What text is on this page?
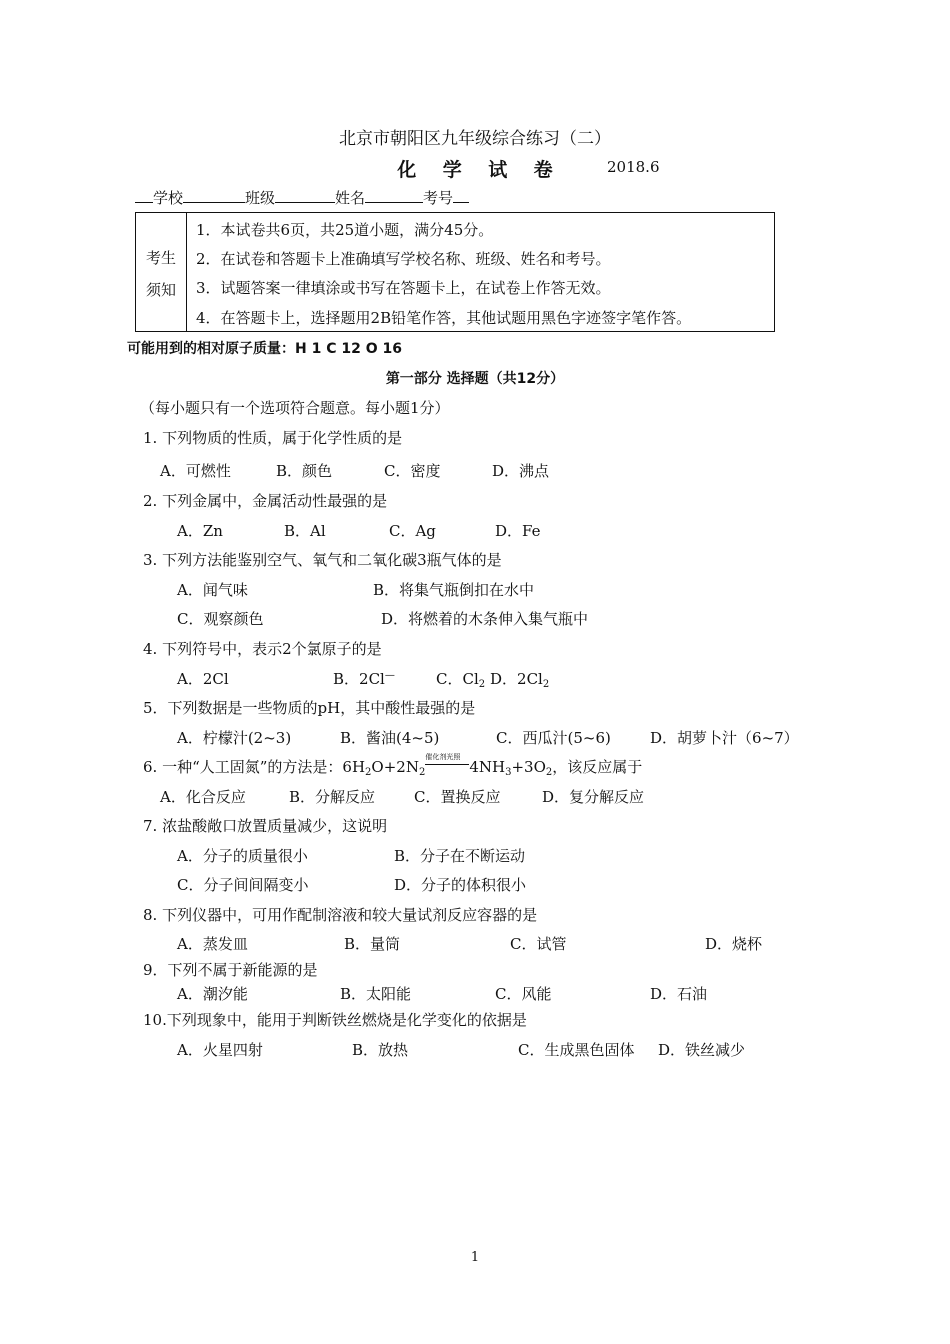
北京市朝阳区九年级综合练习（二）
化    学    试    卷	2018.6
学校	班级	姓名	考号
考生
须知
1．本试卷共6页，共25道小题，满分45分。
2．在试卷和答题卡上准确填写学校名称、班级、姓名和考号。
3．试题答案一律填涂或书写在答题卡上，在试卷上作答无效。
4．在答题卡上，选择题用2B铅笔作答，其他试题用黑色字迹签字笔作答。
可能用到的相对原子质量：H 1 C 12 O 16
第一部分 选择题（共12分）
（每小题只有一个选项符合题意。每小题1分）
1. 下列物质的性质，属于化学性质的是
A．可燃性	B．颜色	C．密度	D．沸点
2. 下列金属中，金属活动性最强的是
A．Zn	B．Al	C．Ag	D．Fe
3. 下列方法能鉴别空气、氧气和二氧化碳3瓶气体的是
A．闻气味	B．将集气瓶倒扣在水中
C．观察颜色	D．将燃着的木条伸入集气瓶中
4. 下列符号中，表示2个氯原子的是
A．2Cl	B．2Cl—	C．$Cl_2$ D．$2Cl_2$
5．下列数据是一些物质的pH，其中酸性最强的是
A．柠檬汁(2~3)	B．酱油(4~5)	C．西瓜汁(5~6)	D．胡萝卜汁（6~7）
6. 一种“人工固氮”的方法是：$6H_2O+2N_2$
催化剂光照
$4NH_3+3O_2$，该反应属于
A．化合反应	B．分解反应	C．置换反应	D．复分解反应
7. 浓盐酸敞口放置质量减少，这说明
A．分子的质量很小	B．分子在不断运动
C．分子间间隔变小	D．分子的体积很小
8. 下列仪器中，可用作配制溶液和较大量试剂反应容器的是
A．蒸发皿	B．量筒	C．试管	D．烧杯
9．下列不属于新能源的是
A．潮汐能	B．太阳能	C．风能	D．石油
10.下列现象中，能用于判断铁丝燃烧是化学变化的依据是
A．火星四射	B．放热	C．生成黑色固体 D．铁丝减少
1
